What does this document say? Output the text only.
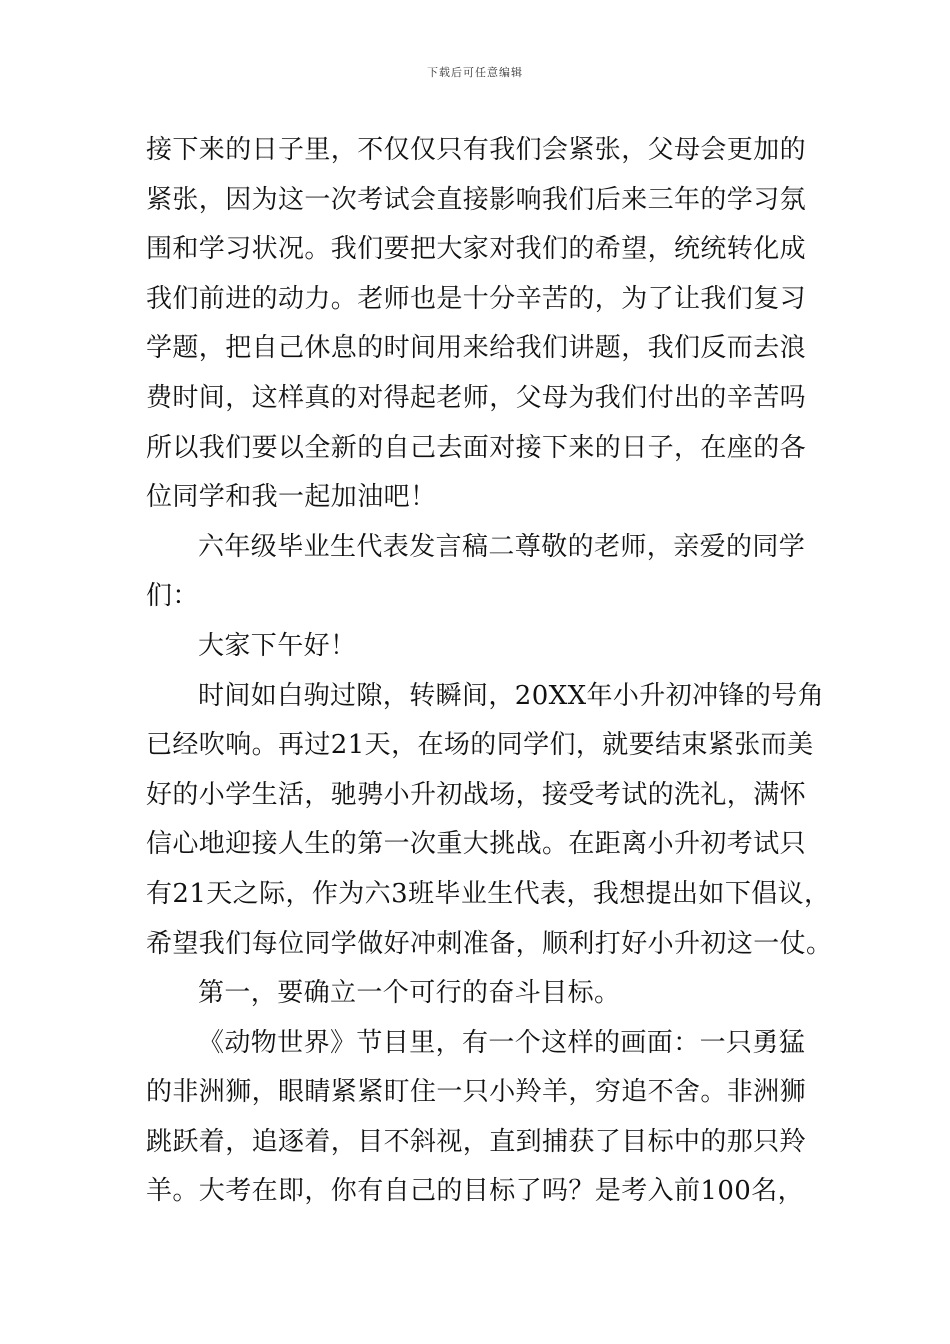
下载后可任意编辑
接下来的日子里，不仅仅只有我们会紧张，父母会更加的
紧张，因为这一次考试会直接影响我们后来三年的学习氛
围和学习状况。我们要把大家对我们的希望，统统转化成
我们前进的动力。老师也是十分辛苦的，为了让我们复习
学题，把自己休息的时间用来给我们讲题，我们反而去浪
费时间，这样真的对得起老师，父母为我们付出的辛苦吗
所以我们要以全新的自己去面对接下来的日子，在座的各
位同学和我一起加油吧！
六年级毕业生代表发言稿二尊敬的老师，亲爱的同学
们：
大家下午好！
时间如白驹过隙，转瞬间，20XX年小升初冲锋的号角
已经吹响。再过21天，在场的同学们，就要结束紧张而美
好的小学生活，驰骋小升初战场，接受考试的洗礼，满怀
信心地迎接人生的第一次重大挑战。在距离小升初考试只
有21天之际，作为六3班毕业生代表，我想提出如下倡议，
希望我们每位同学做好冲刺准备，顺利打好小升初这一仗。
第一，要确立一个可行的奋斗目标。
《动物世界》节目里，有一个这样的画面：一只勇猛
的非洲狮，眼睛紧紧盯住一只小羚羊，穷追不舍。非洲狮
跳跃着，追逐着，目不斜视，直到捕获了目标中的那只羚
羊。大考在即，你有自己的目标了吗？是考入前100名，
